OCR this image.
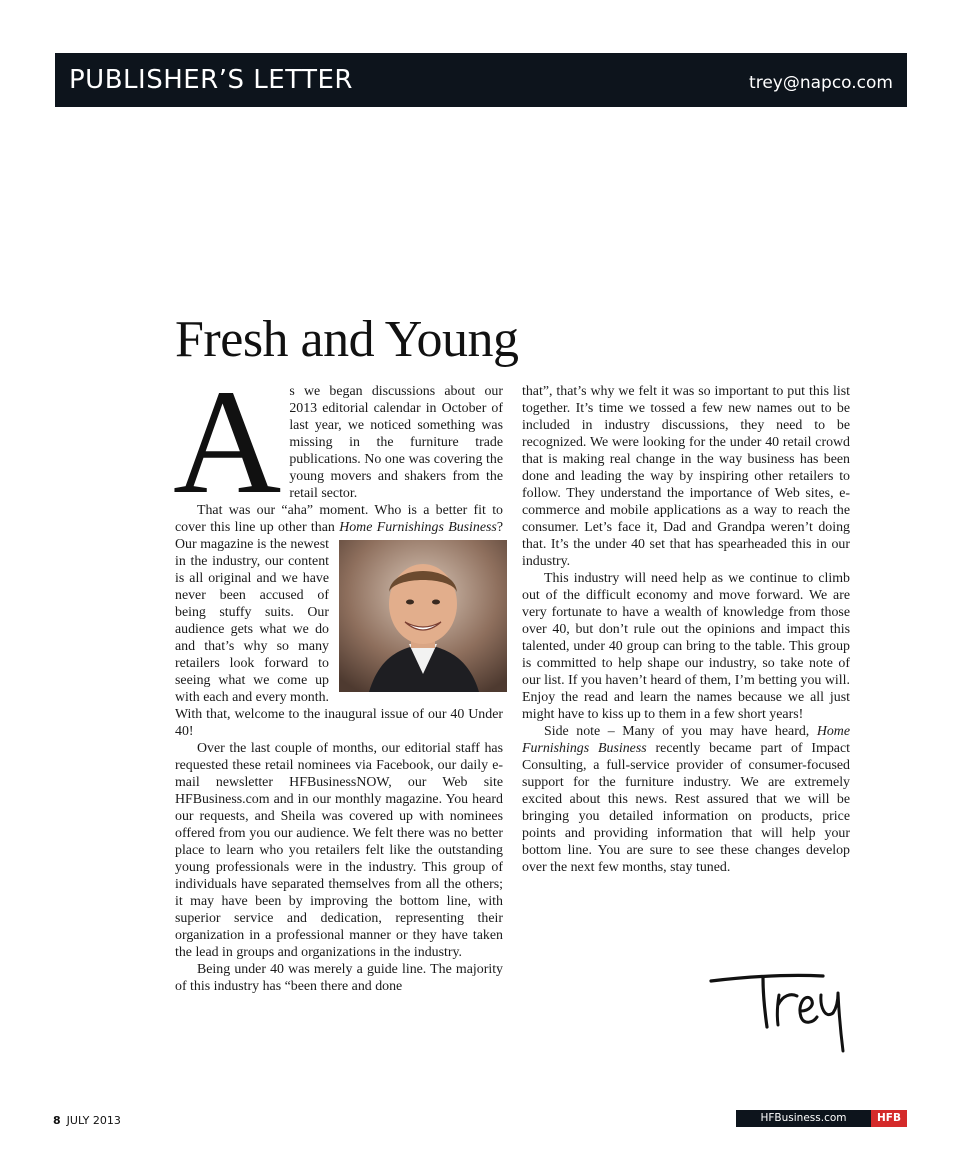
PUBLISHER’S LETTER	trey@napco.com
Fresh and Young

As we began discussions about our 2013 editorial calendar in October of last year, we noticed something was missing in the furniture trade publications. No one was covering the young movers and shakers from the retail sector.

That was our “aha” moment. Who is a better fit to cover this line up other than Home Furnishings Business
? Our magazine is the newest in the industry, our content is all original and we have never been accused of being stuffy suits. Our audience gets what we do and that’s why so many retailers look forward to seeing what we come up with each and every month. With that, welcome to the inaugural issue of our 40 Under 40!

Over the last couple of months, our editorial staff has requested these retail nominees via Facebook, our daily e-mail newsletter HFBusinessNOW, our Web site HFBusiness.com and in our monthly magazine. You heard our requests, and Sheila was covered up with nominees offered from you our audience. We felt there was no better place to learn who you retailers felt like the outstanding young professionals were in the industry. This group of individuals have separated themselves from all the others; it may have been by improving the bottom line, with superior service and dedication, representing their organization in a professional manner or they have taken the lead in groups and organizations in the industry.

Being under 40 was merely a guide line. The majority of this industry has “been there and done

that”, that’s why we felt it was so important to put this list together. It’s time we tossed a few new names out to be included in industry discussions, they need to be recognized. We were looking for the under 40 retail crowd that is making real change in the way business has been done and leading the way by inspiring other retailers to follow. They understand the importance of Web sites, e-commerce and mobile applications as a way to reach the consumer. Let’s face it, Dad and Grandpa weren’t doing that. It’s the under 40 set that has spearheaded this in our industry.

This industry will need help as we continue to climb out of the difficult economy and move forward. We are very fortunate to have a wealth of knowledge from those over 40, but don’t rule out the opinions and impact this talented, under 40 group can bring to the table. This group is committed to help shape our industry, so take note of our list. If you haven’t heard of them, I’m betting you will. Enjoy the read and learn the names because we all just might have to kiss up to them in a few short years!

Side note – Many of you may have heard, Home Furnishings Business recently became part of Impact Consulting, a full-service provider of consumer-focused support for the furniture industry. We are extremely excited about this news. Rest assured that we will be bringing you detailed information on products, price points and providing information that will help your bottom line. You are sure to see these changes develop over the next few months, stay tuned.

8 JULY 2013	HFBusiness.com	HFB
